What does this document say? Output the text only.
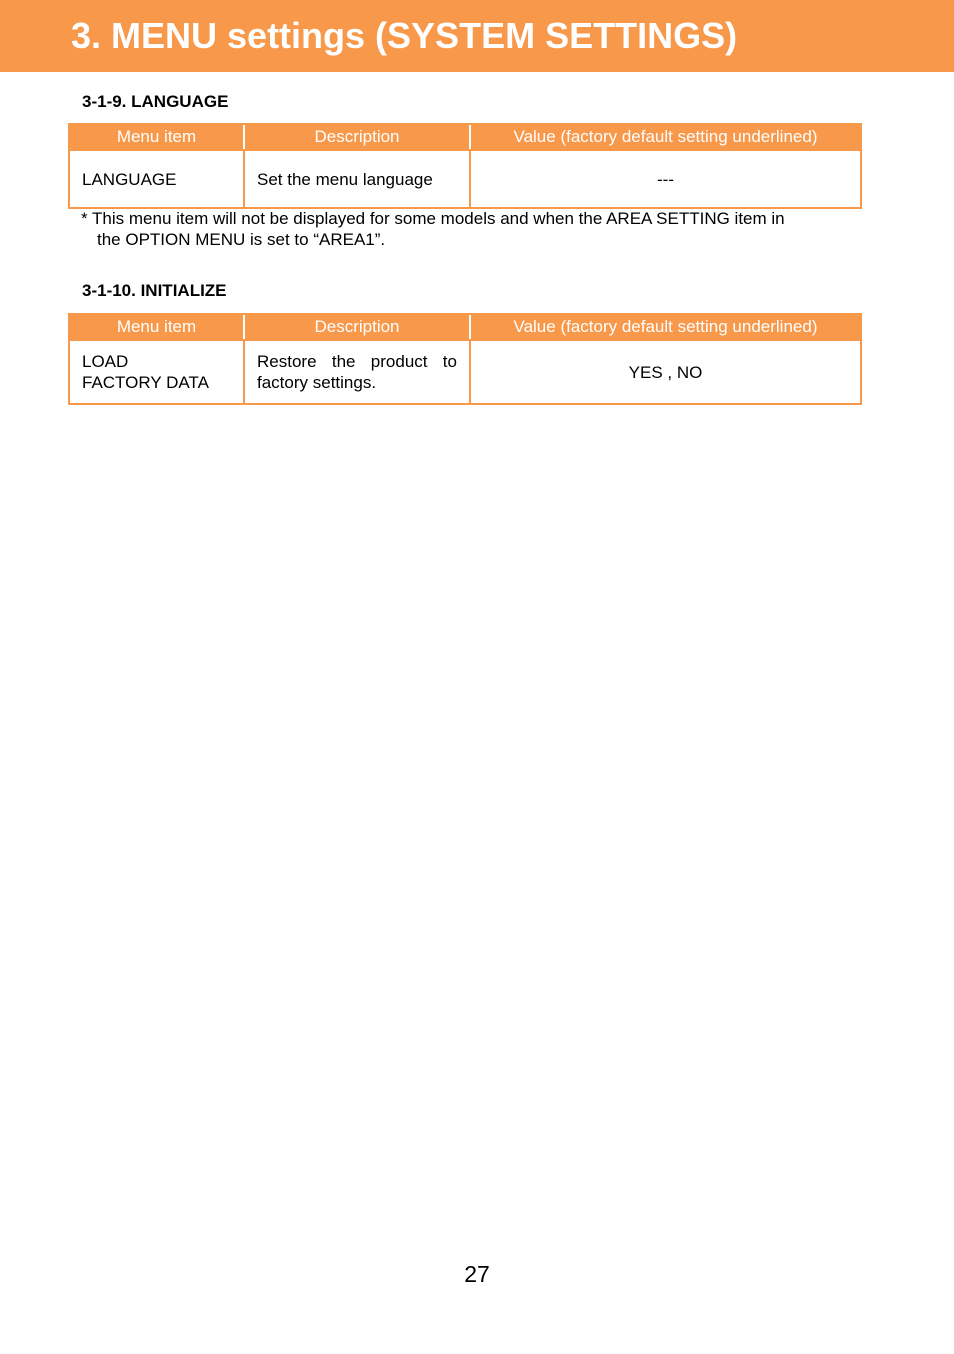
3. MENU settings (SYSTEM SETTINGS)
3-1-9. LANGUAGE
Menu item	Description	Value (factory default setting underlined)
LANGUAGE	Set the menu language	---

* This menu item will not be displayed for some models and when the AREA SETTING item in
the OPTION MENU is set to “AREA1”.

3-1-10. INITIALIZE
Menu item	Description	Value (factory default setting underlined)
LOAD
FACTORY DATA	Restore the product to factory settings.	YES , NO
27
